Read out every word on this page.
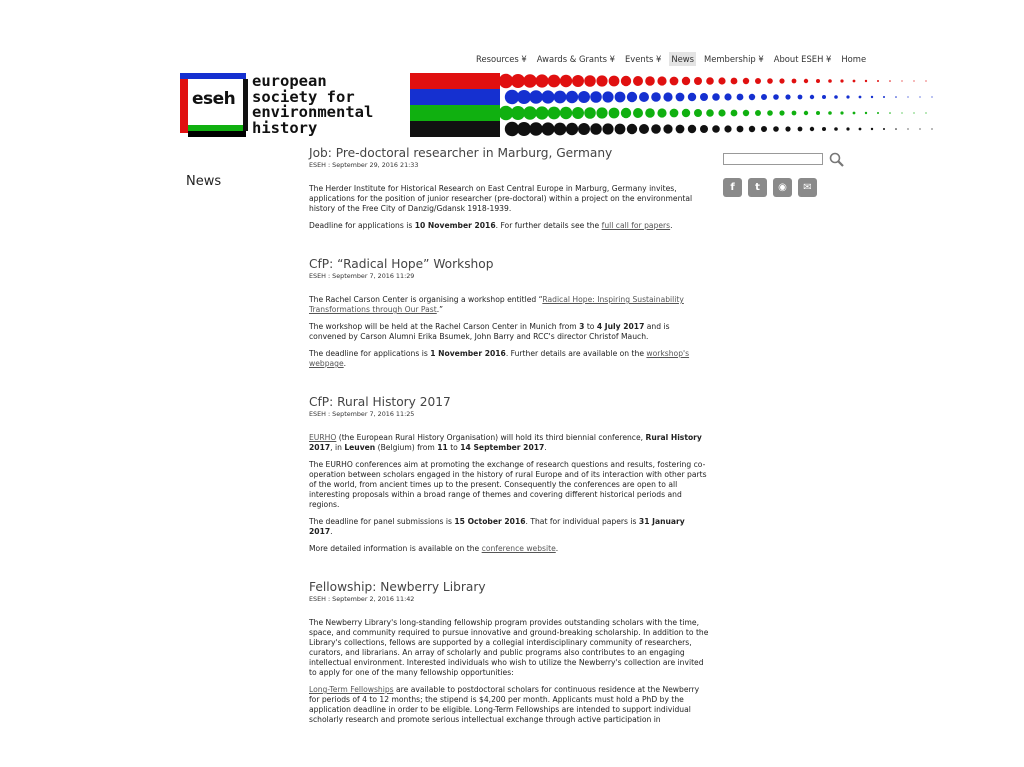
Resources ¥ Awards & Grants ¥ Events ¥ News Membership ¥ About ESEH ¥ Home
eseh
european
society for
environmental
history
News	f	t	◉	✉
Job: Pre-doctoral researcher in Marburg, Germany
ESEH : September 29, 2016 21:33

The Herder Institute for Historical Research on East Central Europe in Marburg, Germany invites, applications for the position of junior researcher (pre-doctoral) within a project on the environmental history of the Free City of Danzig/Gdansk 1918-1939.

Deadline for applications is 10 November 2016. For further details see the full call for papers.

CfP: “Radical Hope” Workshop
ESEH : September 7, 2016 11:29

The Rachel Carson Center is organising a workshop entitled “Radical Hope: Inspiring Sustainability Transformations through Our Past.”

The workshop will be held at the Rachel Carson Center in Munich from 3 to 4 July 2017 and is convened by Carson Alumni Erika Bsumek, John Barry and RCC's director Christof Mauch.

The deadline for applications is 1 November 2016. Further details are available on the workshop's webpage.

CfP: Rural History 2017
ESEH : September 7, 2016 11:25

EURHO (the European Rural History Organisation) will hold its third biennial conference, Rural History 2017, in Leuven (Belgium) from 11 to 14 September 2017.

The EURHO conferences aim at promoting the exchange of research questions and results, fostering co-operation between scholars engaged in the history of rural Europe and of its interaction with other parts of the world, from ancient times up to the present. Consequently the conferences are open to all interesting proposals within a broad range of themes and covering different historical periods and regions.

The deadline for panel submissions is 15 October 2016. That for individual papers is 31 January 2017.

More detailed information is available on the conference website.

Fellowship: Newberry Library
ESEH : September 2, 2016 11:42

The Newberry Library's long-standing fellowship program provides outstanding scholars with the time, space, and community required to pursue innovative and ground-breaking scholarship. In addition to the Library's collections, fellows are supported by a collegial interdisciplinary community of researchers, curators, and librarians. An array of scholarly and public programs also contributes to an engaging intellectual environment. Interested individuals who wish to utilize the Newberry's collection are invited to apply for one of the many fellowship opportunities:

Long-Term Fellowships are available to postdoctoral scholars for continuous residence at the Newberry for periods of 4 to 12 months; the stipend is $4,200 per month. Applicants must hold a PhD by the application deadline in order to be eligible. Long-Term Fellowships are intended to support individual scholarly research and promote serious intellectual exchange through active participation in
